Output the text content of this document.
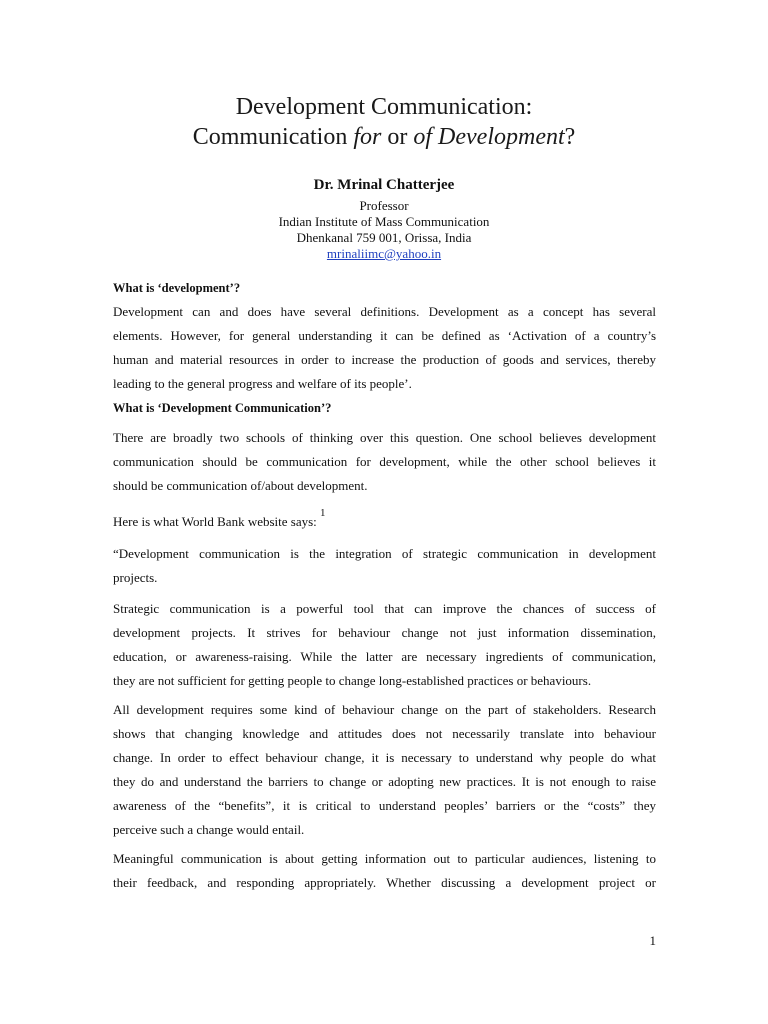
Development Communication:
Communication for or of Development?
Dr. Mrinal Chatterjee
Professor
Indian Institute of Mass Communication
Dhenkanal 759 001, Orissa, India
mrinaliimc@yahoo.in
What is ‘development’?
Development can and does have several definitions. Development as a concept has several
elements. However, for general understanding it can be defined as ‘Activation of a country’s
human and material resources in order to increase the production of goods and services, thereby
leading to the general progress and welfare of its people’.
What is ‘Development Communication’?
There are broadly two schools of thinking over this question. One school believes development
communication should be communication for development, while the other school believes it
should be communication of/about development.
Here is what World Bank website says: $^1$
“Development communication is the integration of strategic communication in development
projects.
Strategic communication is a powerful tool that can improve the chances of success of
development projects. It strives for behaviour change not just information dissemination,
education, or awareness-raising. While the latter are necessary ingredients of communication,
they are not sufficient for getting people to change long-established practices or behaviours.
All development requires some kind of behaviour change on the part of stakeholders. Research
shows that changing knowledge and attitudes does not necessarily translate into behaviour
change. In order to effect behaviour change, it is necessary to understand why people do what
they do and understand the barriers to change or adopting new practices. It is not enough to raise
awareness of the “benefits”, it is critical to understand peoples’ barriers or the “costs” they
perceive such a change would entail.
Meaningful communication is about getting information out to particular audiences, listening to
their feedback, and responding appropriately. Whether discussing a development project or
1
